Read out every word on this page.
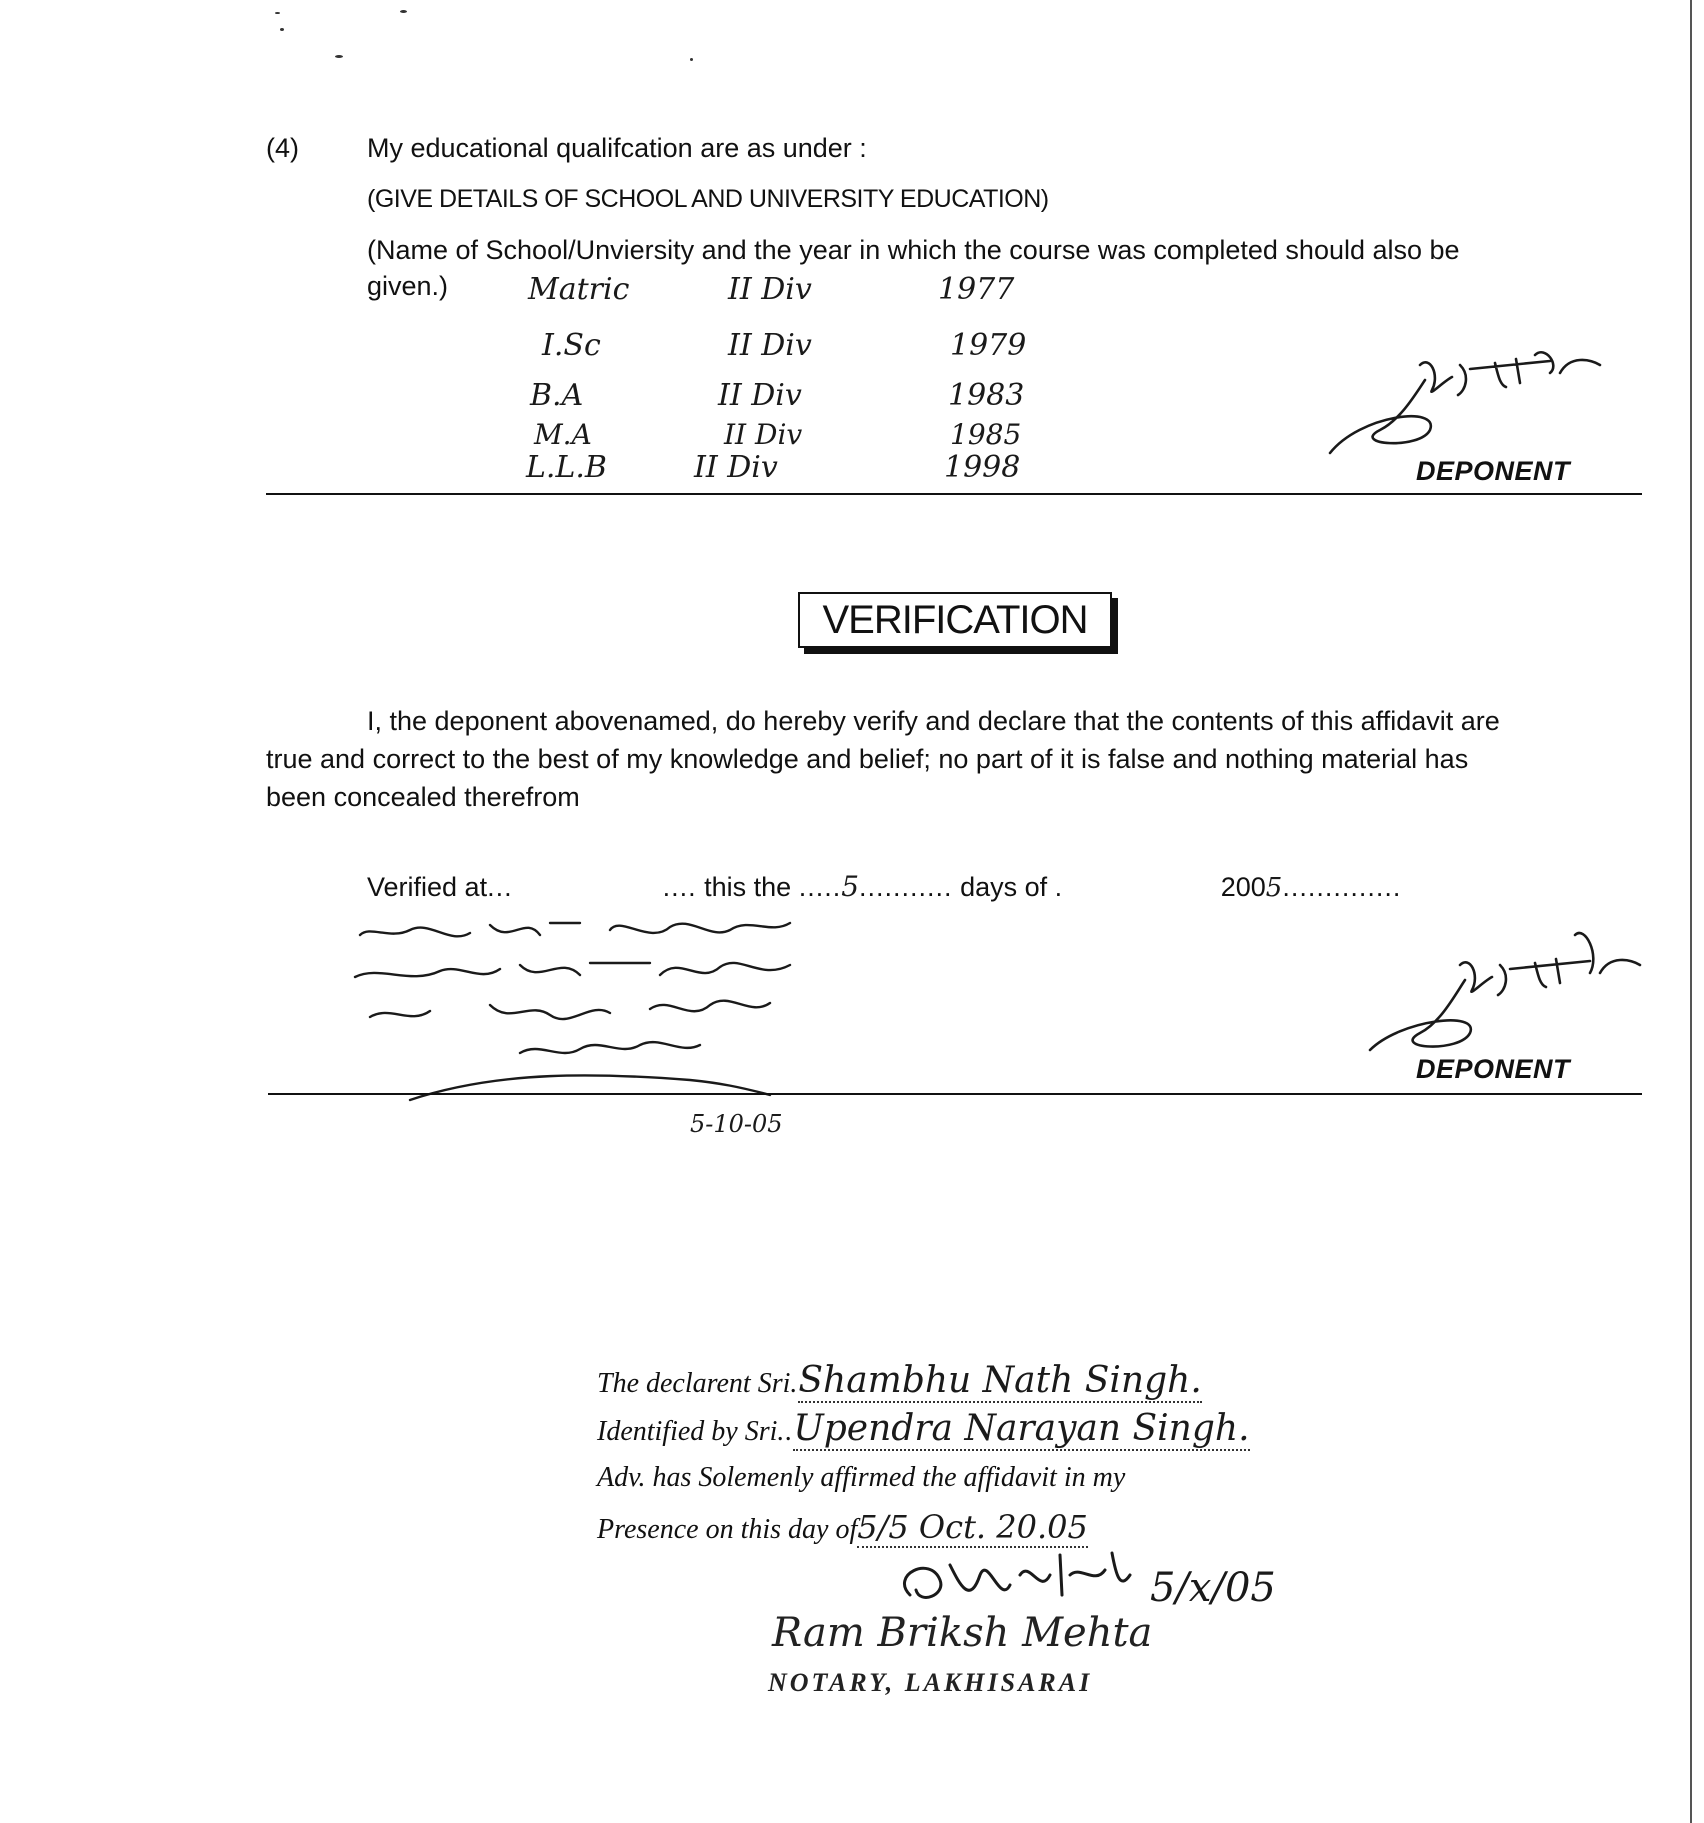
(4)	My educational qualifcation are as under :
(GIVE DETAILS OF SCHOOL AND UNIVERSITY EDUCATION)
(Name of School/Unviersity and the year in which the course was completed should also be
given.)	Matric	II Div	1977
I.Sc	II Div	1979
B.A	II Div	1983
M.A	II Div	1985
L.L.B	II Div	1998	DEPONENT
VERIFICATION
I, the deponent abovenamed, do hereby verify and declare that the contents of this affidavit are
true and correct to the best of my knowledge and belief; no part of it is false and nothing material has
been concealed therefrom
Verified at...	.... this the .....5........... days of .	2005..............
5-10-05
DEPONENT
The declarent Sri.Shambhu Nath Singh.
Identified by Sri..Upendra Narayan Singh.
Adv. has Solemenly affirmed the affidavit in my
Presence on this day of5/5 Oct. 20.05
5/x/05
Ram Briksh Mehta
NOTARY, LAKHISARAI
